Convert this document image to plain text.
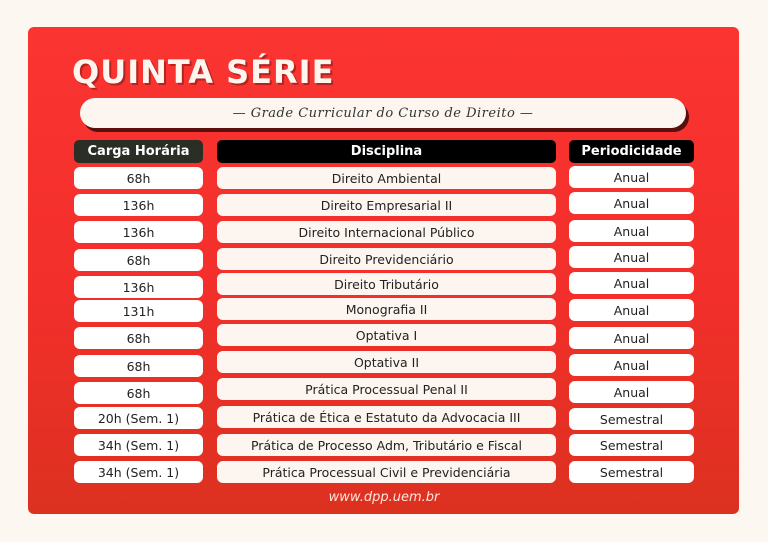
QUINTA SÉRIE
— Grade Curricular do Curso de Direito —
Carga Horária	Disciplina	Periodicidade
68h
136h
136h
68h
136h
131h
68h
68h
68h
20h (Sem. 1)
34h (Sem. 1)
34h (Sem. 1)
Direito Ambiental
Direito Empresarial II
Direito Internacional Público
Direito Previdenciário
Direito Tributário
Monografia II
Optativa I
Optativa II
Prática Processual Penal II
Prática de Ética e Estatuto da Advocacia III
Prática de Processo Adm, Tributário e Fiscal
Prática Processual Civil e Previdenciária
Anual
Anual
Anual
Anual
Anual
Anual
Anual
Anual
Anual
Semestral
Semestral
Semestral
www.dpp.uem.br
